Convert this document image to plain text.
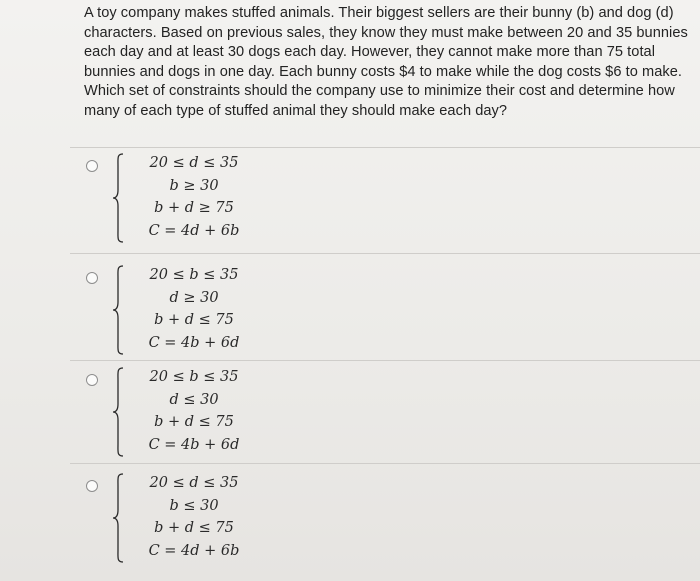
A toy company makes stuffed animals. Their biggest sellers are their bunny (b) and dog (d) characters. Based on previous sales, they know they must make between 20 and 35 bunnies each day and at least 30 dogs each day. However, they cannot make more than 75 total bunnies and dogs in one day. Each bunny costs $4 to make while the dog costs $6 to make. Which set of constraints should the company use to minimize their cost and determine how many of each type of stuffed animal they should make each day?
20 ≤ d ≤ 35
b ≥ 30
b + d ≥ 75
C = 4d + 6b
20 ≤ b ≤ 35
d ≥ 30
b + d ≤ 75
C = 4b + 6d
20 ≤ b ≤ 35
d ≤ 30
b + d ≤ 75
C = 4b + 6d
20 ≤ d ≤ 35
b ≤ 30
b + d ≤ 75
C = 4d + 6b
